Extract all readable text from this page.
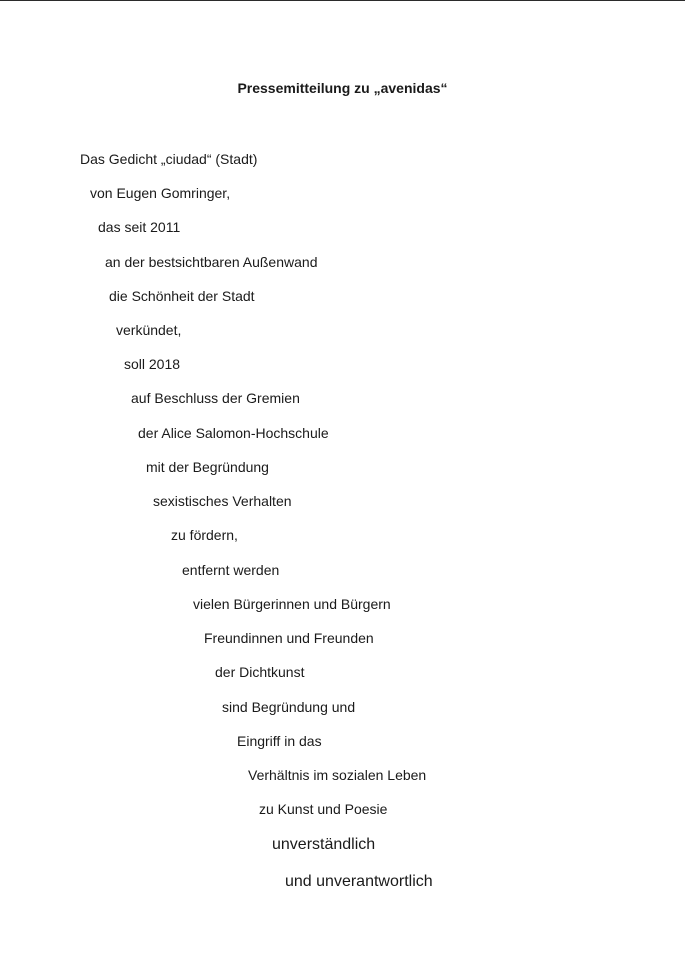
Pressemitteilung zu „avenidas“
Das Gedicht „ciudad“ (Stadt)
von Eugen Gomringer,
das seit 2011
an der bestsichtbaren Außenwand
die Schönheit der Stadt
verkündet,
soll 2018
auf Beschluss der Gremien
der Alice Salomon-Hochschule
mit der Begründung
sexistisches Verhalten
zu fördern,
entfernt werden
vielen Bürgerinnen und Bürgern
Freundinnen und Freunden
der Dichtkunst
sind Begründung und
Eingriff in das
Verhältnis im sozialen Leben
zu Kunst und Poesie
unverständlich
und unverantwortlich
